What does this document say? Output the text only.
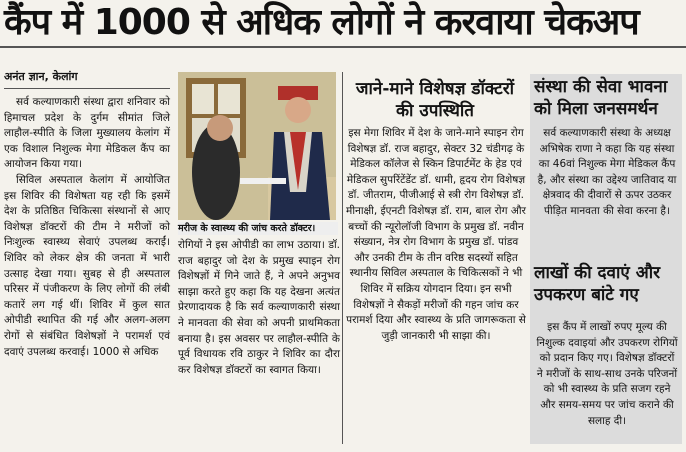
कैंप में 1000 से अधिक लोगों ने करवाया चेकअप
अनंत ज्ञान, केलांग

सर्व कल्याणकारी संस्था द्वारा शनिवार को हिमाचल प्रदेश के दुर्गम सीमांत जिले लाहौल-स्पीति के जिला मुख्यालय केलांग में एक विशाल निशुल्क मेगा मेडिकल कैंप का आयोजन किया गया।

सिविल अस्पताल केलांग में आयोजित इस शिविर की विशेषता यह रही कि इसमें देश के प्रतिष्ठित चिकित्सा संस्थानों से आए विशेषज्ञ डॉक्टरों की टीम ने मरीजों को निःशुल्क स्वास्थ्य सेवाएं उपलब्ध कराईं। शिविर को लेकर क्षेत्र की जनता में भारी उत्साह देखा गया। सुबह से ही अस्पताल परिसर में पंजीकरण के लिए लोगों की लंबी कतारें लग गई थीं। शिविर में कुल सात ओपीडी स्थापित की गई और अलग-अलग रोगों से संबंधित विशेषज्ञों ने परामर्श एवं दवाएं उपलब्ध करवाई। 1000 से अधिक

मरीज के स्वास्थ्य की जांच करते डॉक्टर।

रोगियों ने इस ओपीडी का लाभ उठाया। डॉ. राज बहादुर जो देश के प्रमुख स्पाइन रोग विशेषज्ञों में गिने जाते हैं, ने अपने अनुभव साझा करते हुए कहा कि यह देखना अत्यंत प्रेरणादायक है कि सर्व कल्याणकारी संस्था ने मानवता की सेवा को अपनी प्राथमिकता बनाया है। इस अवसर पर लाहौल-स्पीति के पूर्व विधायक रवि ठाकुर ने शिविर का दौरा कर विशेषज्ञ डॉक्टरों का स्वागत किया।

जाने-माने विशेषज्ञ डॉक्टरों की उपस्थिति

इस मेगा शिविर में देश के जाने-माने स्पाइन रोग विशेषज्ञ डॉ. राज बहादुर, सेक्टर 32 चंडीगढ़ के मेडिकल कॉलेज से स्किन डिपार्टमेंट के हेड एवं मेडिकल सुपरिंटेंडेंट डॉ. धामी, हृदय रोग विशेषज्ञ डॉ. जीतराम, पीजीआई से स्त्री रोग विशेषज्ञ डॉ. मीनाक्षी, ईएनटी विशेषज्ञ डॉ. राम, बाल रोग और बच्चों की न्यूरोलॉजी विभाग के प्रमुख डॉ. नवीन संख्यान, नेत्र रोग विभाग के प्रमुख डॉ. पांडव और उनकी टीम के तीन वरिष्ठ सदस्यों सहित स्थानीय सिविल अस्पताल के चिकित्सकों ने भी शिविर में सक्रिय योगदान दिया। इन सभी विशेषज्ञों ने सैकड़ों मरीजों की गहन जांच कर परामर्श दिया और स्वास्थ्य के प्रति जागरूकता से जुड़ी जानकारी भी साझा की।

संस्था की सेवा भावना को मिला जनसमर्थन

सर्व कल्याणकारी संस्था के अध्यक्ष अभिषेक राणा ने कहा कि यह संस्था का 46वां निशुल्क मेगा मेडिकल कैंप है, और संस्था का उद्देश्य जातिवाद या क्षेत्रवाद की दीवारों से ऊपर उठकर पीड़ित मानवता की सेवा करना है।

लाखों की दवाएं और उपकरण बांटे गए

इस कैंप में लाखों रुपए मूल्य की निशुल्क दवाइयां और उपकरण रोगियों को प्रदान किए गए। विशेषज्ञ डॉक्टरों ने मरीजों के साथ-साथ उनके परिजनों को भी स्वास्थ्य के प्रति सजग रहने और समय-समय पर जांच कराने की सलाह दी।
